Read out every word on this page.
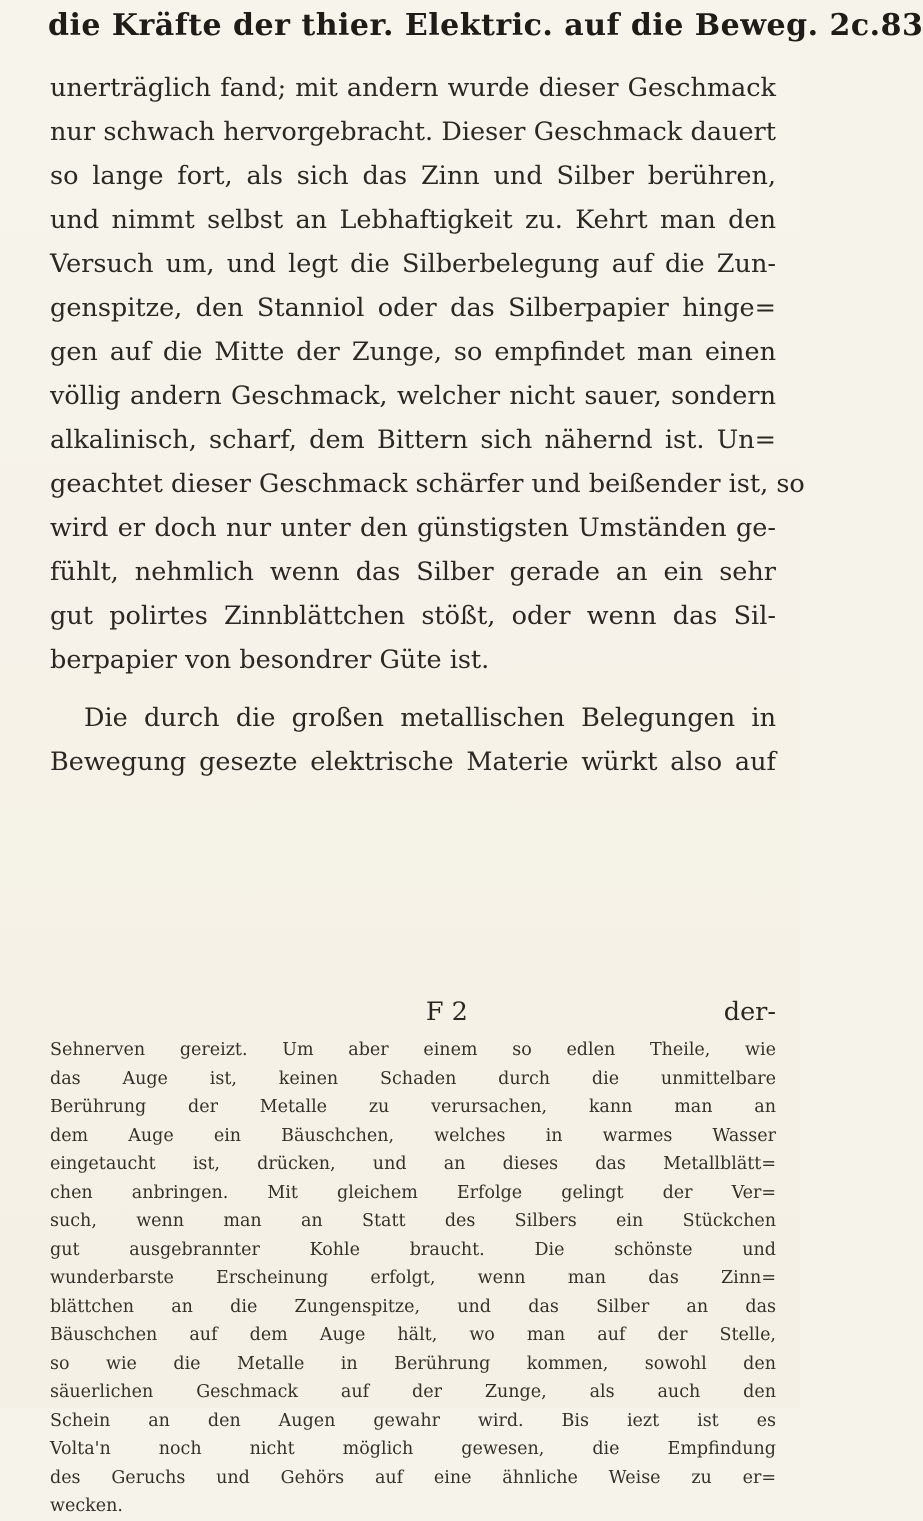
die Kräfte der thier. Elektric. auf die Beweg. 2c. 83
unerträglich fand; mit andern wurde dieser Geschmack
nur schwach hervorgebracht. Dieser Geschmack dauert
so lange fort, als sich das Zinn und Silber berühren,
und nimmt selbst an Lebhaftigkeit zu. Kehrt man den
Versuch um, und legt die Silberbelegung auf die Zun-
genspitze, den Stanniol oder das Silberpapier hinge=
gen auf die Mitte der Zunge, so empfindet man einen
völlig andern Geschmack, welcher nicht sauer, sondern
alkalinisch, scharf, dem Bittern sich nähernd ist. Un=
geachtet dieser Geschmack schärfer und beißender ist, so
wird er doch nur unter den günstigsten Umständen ge-
fühlt, nehmlich wenn das Silber gerade an ein sehr
gut polirtes Zinnblättchen stößt, oder wenn das Sil-
berpapier von besondrer Güte ist.
Die durch die großen metallischen Belegungen in
Bewegung gesezte elektrische Materie würkt also auf
F 2	der-
Sehnerven gereizt. Um aber einem so edlen Theile, wie
das Auge ist, keinen Schaden durch die unmittelbare
Berührung der Metalle zu verursachen, kann man an
dem Auge ein Bäuschchen, welches in warmes Wasser
eingetaucht ist, drücken, und an dieses das Metallblätt=
chen anbringen. Mit gleichem Erfolge gelingt der Ver=
such, wenn man an Statt des Silbers ein Stückchen
gut ausgebrannter Kohle braucht. Die schönste und
wunderbarste Erscheinung erfolgt, wenn man das Zinn=
blättchen an die Zungenspitze, und das Silber an das
Bäuschchen auf dem Auge hält, wo man auf der Stelle,
so wie die Metalle in Berührung kommen, sowohl den
säuerlichen Geschmack auf der Zunge, als auch den
Schein an den Augen gewahr wird. Bis iezt ist es
Volta'n noch nicht möglich gewesen, die Empfindung
des Geruchs und Gehörs auf eine ähnliche Weise zu er=
wecken.
